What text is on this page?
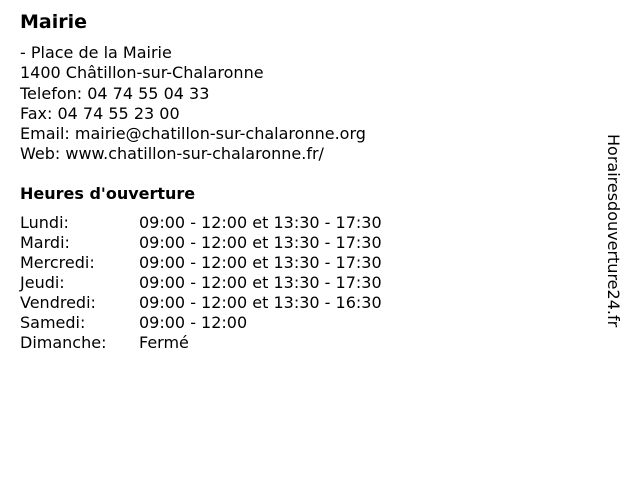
Mairie
- Place de la Mairie
1400 Châtillon-sur-Chalaronne
Telefon: 04 74 55 04 33
Fax: 04 74 55 23 00
Email: mairie@chatillon-sur-chalaronne.org
Web: www.chatillon-sur-chalaronne.fr/
Heures d'ouverture
Lundi:	09:00 - 12:00 et 13:30 - 17:30
Mardi:	09:00 - 12:00 et 13:30 - 17:30
Mercredi:	09:00 - 12:00 et 13:30 - 17:30
Jeudi:	09:00 - 12:00 et 13:30 - 17:30
Vendredi:	09:00 - 12:00 et 13:30 - 16:30
Samedi:	09:00 - 12:00
Dimanche: Fermé
Horairesdouverture24.fr
